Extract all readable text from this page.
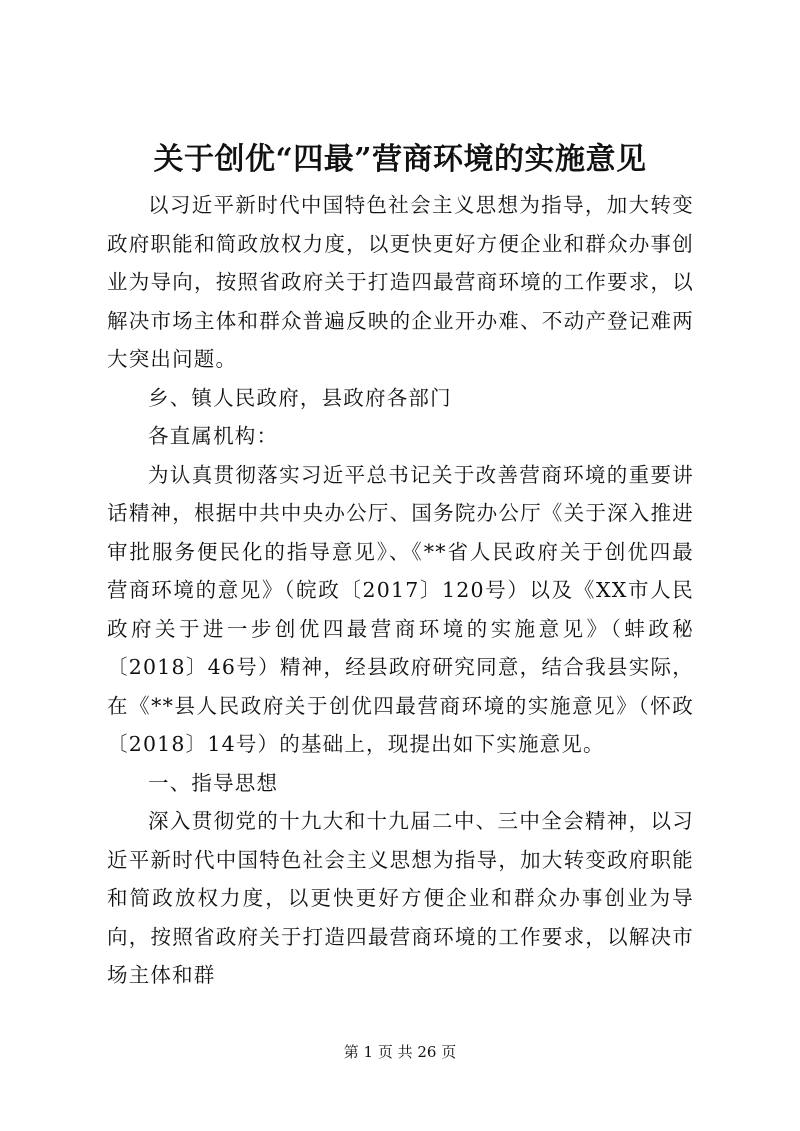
关于创优“四最”营商环境的实施意见

以习近平新时代中国特色社会主义思想为指导，加大转变政府职能和简政放权力度，以更快更好方便企业和群众办事创业为导向，按照省政府关于打造四最营商环境的工作要求，以解决市场主体和群众普遍反映的企业开办难、不动产登记难两大突出问题。

乡、镇人民政府，县政府各部门

各直属机构：

为认真贯彻落实习近平总书记关于改善营商环境的重要讲话精神，根据中共中央办公厅、国务院办公厅《关于深入推进审批服务便民化的指导意见》、《**省人民政府关于创优四最营商环境的意见》（皖政〔2017〕120号）以及《XX市人民政府关于进一步创优四最营商环境的实施意见》（蚌政秘〔2018〕46号）精神，经县政府研究同意，结合我县实际，在《**县人民政府关于创优四最营商环境的实施意见》（怀政〔2018〕14号）的基础上，现提出如下实施意见。

一、指导思想

深入贯彻党的十九大和十九届二中、三中全会精神，以习近平新时代中国特色社会主义思想为指导，加大转变政府职能和简政放权力度，以更快更好方便企业和群众办事创业为导向，按照省政府关于打造四最营商环境的工作要求，以解决市场主体和群

第 1 页 共 26 页
